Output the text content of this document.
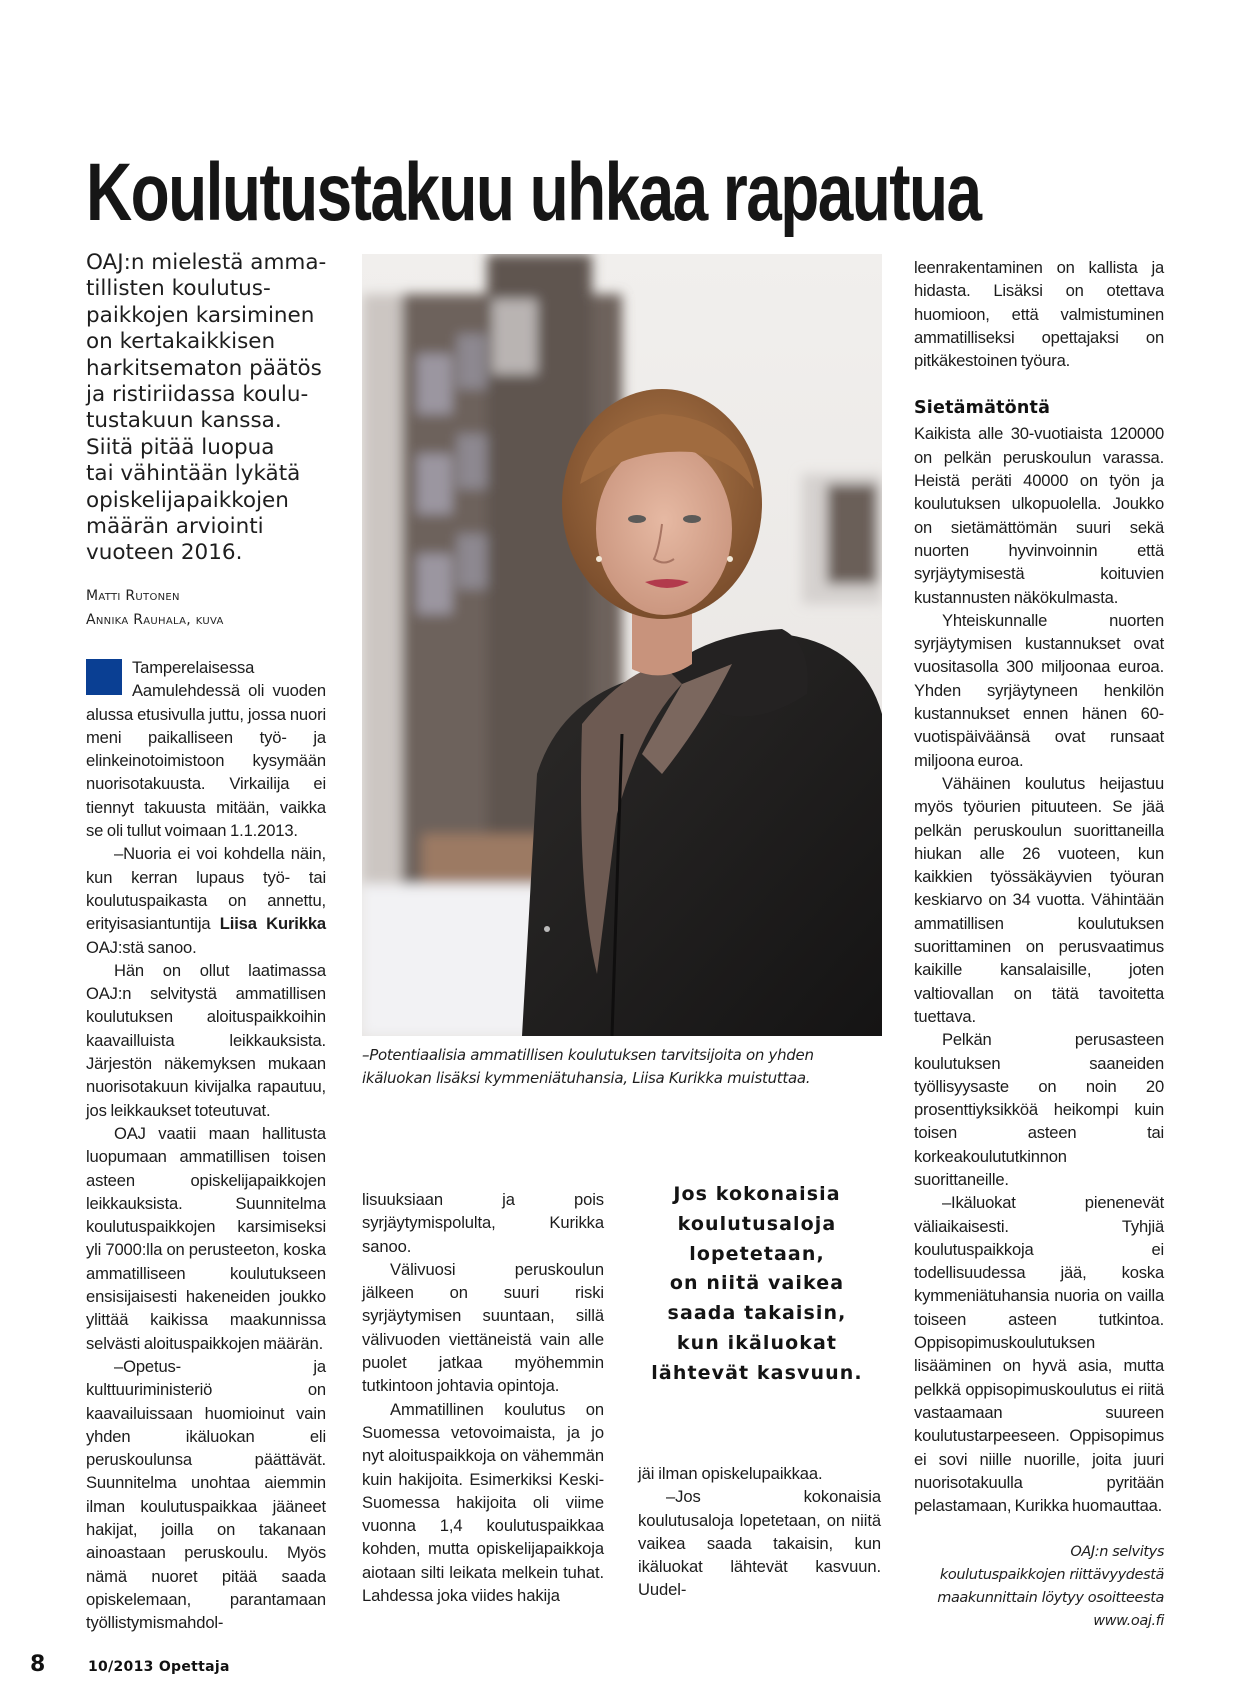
Koulutustakuu uhkaa rapautua
OAJ:n mielestä amma-
tillisten koulutus-
paikkojen karsiminen
on kertakaikkisen
harkitsematon päätös
ja ristiriidassa koulu-
tustakuun kanssa.
Siitä pitää luopua
tai vähintään lykätä
opiskelijapaikkojen
määrän arviointi
vuoteen 2016.
Matti Rutonen
Annika Rauhala, kuva

Tamperelaisessa Aamulehdessä oli vuoden alussa etusivulla juttu, jossa nuori meni paikalliseen työ- ja elinkeinotoimistoon kysymään nuorisotakuusta. Virkailija ei tiennyt takuusta mitään, vaikka se oli tullut voimaan 1.1.2013.

–Nuoria ei voi kohdella näin, kun kerran lupaus työ- tai koulutuspaikasta on annettu, erityisasiantuntija Liisa Kurikka OAJ:stä sanoo.

Hän on ollut laatimassa OAJ:n selvitystä ammatillisen koulutuksen aloituspaikkoihin kaavailluista leikkauksista. Järjestön näkemyksen mukaan nuorisotakuun kivijalka rapautuu, jos leikkaukset toteutuvat.

OAJ vaatii maan hallitusta luopumaan ammatillisen toisen asteen opiskelijapaikkojen leikkauksista. Suunnitelma koulutuspaikkojen karsimiseksi yli 7000:lla on perusteeton, koska ammatilliseen koulutukseen ensisijaisesti hakeneiden joukko ylittää kaikissa maakunnissa selvästi aloituspaikkojen määrän.

–Opetus- ja kulttuuriministeriö on kaavailuissaan huomioinut vain yhden ikäluokan eli peruskoulunsa päättävät. Suunnitelma unohtaa aiemmin ilman koulutuspaikkaa jääneet hakijat, joilla on takanaan ainoastaan peruskoulu. Myös nämä nuoret pitää saada opiskelemaan, parantamaan työllistymismahdol-

–Potentiaalisia ammatillisen koulutuksen tarvitsijoita on yhden
ikäluokan lisäksi kymmeniätuhansia, Liisa Kurikka muistuttaa.

lisuuksiaan ja pois syrjäytymispolulta, Kurikka sanoo.

Välivuosi peruskoulun jälkeen on suuri riski syrjäytymisen suuntaan, sillä välivuoden viettäneistä vain alle puolet jatkaa myöhemmin tutkintoon johtavia opintoja.

Ammatillinen koulutus on Suomessa vetovoimaista, ja jo nyt aloituspaikkoja on vähemmän kuin hakijoita. Esimerkiksi Keski-Suomessa hakijoita oli viime vuonna 1,4 koulutuspaikkaa kohden, mutta opiskelijapaikkoja aiotaan silti leikata melkein tuhat. Lahdessa joka viides hakija

Jos kokonaisia
koulutusaloja
lopetetaan,
on niitä vaikea
saada takaisin,
kun ikäluokat
lähtevät kasvuun.

jäi ilman opiskelupaikkaa.

–Jos kokonaisia koulutusaloja lopetetaan, on niitä vaikea saada takaisin, kun ikäluokat lähtevät kasvuun. Uudel-

leenrakentaminen on kallista ja hidasta. Lisäksi on otettava huomioon, että valmistuminen ammatilliseksi opettajaksi on pitkäkestoinen työura.

Sietämätöntä

Kaikista alle 30-vuotiaista 120000 on pelkän peruskoulun varassa. Heistä peräti 40000 on työn ja koulutuksen ulkopuolella. Joukko on sietämättömän suuri sekä nuorten hyvinvoinnin että syrjäytymisestä koituvien kustannusten näkökulmasta.

Yhteiskunnalle nuorten syrjäytymisen kustannukset ovat vuositasolla 300 miljoonaa euroa. Yhden syrjäytyneen henkilön kustannukset ennen hänen 60-vuotispäiväänsä ovat runsaat miljoona euroa.

Vähäinen koulutus heijastuu myös työurien pituuteen. Se jää pelkän peruskoulun suorittaneilla hiukan alle 26 vuoteen, kun kaikkien työssäkäyvien työuran keskiarvo on 34 vuotta. Vähintään ammatillisen koulutuksen suorittaminen on perusvaatimus kaikille kansalaisille, joten valtiovallan on tätä tavoitetta tuettava.

Pelkän perusasteen koulutuksen saaneiden työllisyysaste on noin 20 prosenttiyksikköä heikompi kuin toisen asteen tai korkeakoulututkinnon suorittaneille.

–Ikäluokat pienenevät väliaikaisesti. Tyhjiä koulutuspaikkoja ei todellisuudessa jää, koska kymmeniätuhansia nuoria on vailla toiseen asteen tutkintoa. Oppisopimuskoulutuksen lisääminen on hyvä asia, mutta pelkkä oppisopimuskoulutus ei riitä vastaamaan suureen koulutustarpeeseen. Oppisopimus ei sovi niille nuorille, joita juuri nuorisotakuulla pyritään pelastamaan, Kurikka huomauttaa.

OAJ:n selvitys
koulutuspaikkojen riittävyydestä
maakunnittain löytyy osoitteesta
www.oaj.fi
8	10/2013 Opettaja
